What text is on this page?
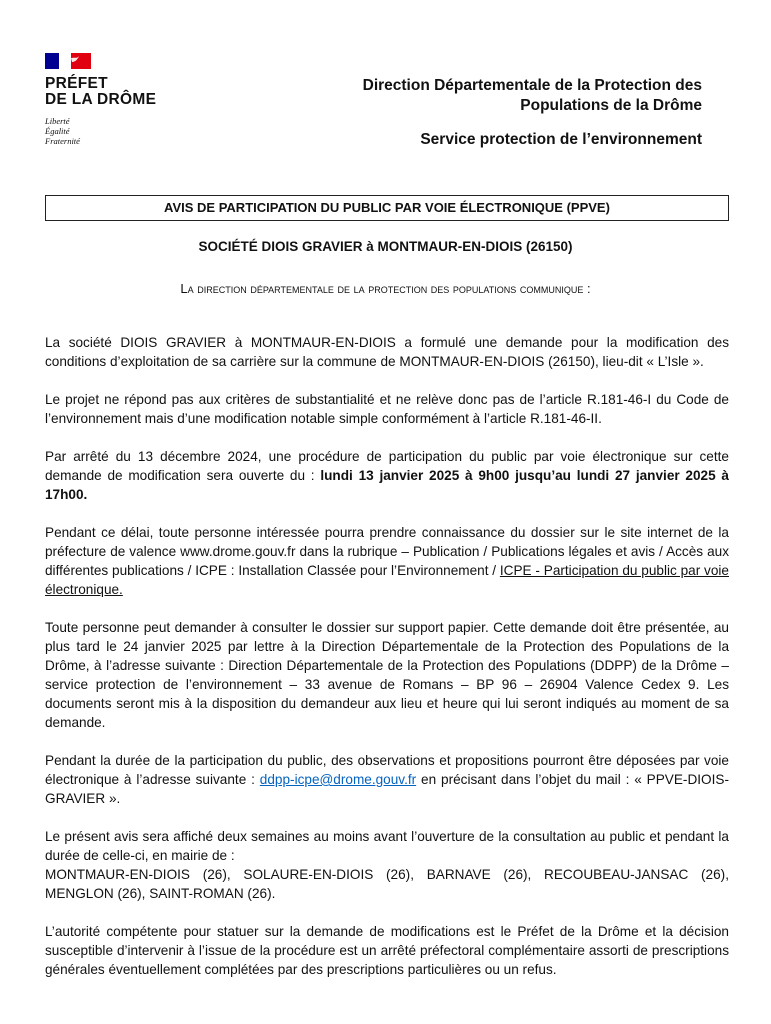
PRÉFET
DE LA DRÔME
Liberté
Égalité
Fraternité
Direction Départementale de la Protection des
Populations de la Drôme
Service protection de l’environnement
AVIS DE PARTICIPATION DU PUBLIC PAR VOIE ÉLECTRONIQUE (PPVE)
SOCIÉTÉ DIOIS GRAVIER à MONTMAUR-EN-DIOIS (26150)
La direction départementale de la protection des populations communique :

La société DIOIS GRAVIER à MONTMAUR-EN-DIOIS a formulé une demande pour la modification des conditions d’exploitation de sa carrière sur la commune de MONTMAUR-EN-DIOIS (26150), lieu-dit « L’Isle ».

Le projet ne répond pas aux critères de substantialité et ne relève donc pas de l’article R.181-46-I du Code de l’environnement mais d’une modification notable simple conformément à l’article R.181-46-II.

Par arrêté du 13 décembre 2024, une procédure de participation du public par voie électronique sur cette demande de modification sera ouverte du : lundi 13 janvier 2025 à 9h00 jusqu’au lundi 27 janvier 2025 à 17h00.

Pendant ce délai, toute personne intéressée pourra prendre connaissance du dossier sur le site internet de la préfecture de valence www.drome.gouv.fr dans la rubrique – Publication / Publications légales et avis / Accès aux différentes publications / ICPE : Installation Classée pour l’Environnement / ICPE - Participation du public par voie électronique.

Toute personne peut demander à consulter le dossier sur support papier. Cette demande doit être présentée, au plus tard le 24 janvier 2025 par lettre à la Direction Départementale de la Protection des Populations de la Drôme, à l’adresse suivante : Direction Départementale de la Protection des Populations (DDPP) de la Drôme – service protection de l’environnement – 33 avenue de Romans – BP 96 – 26904 Valence Cedex 9. Les documents seront mis à la disposition du demandeur aux lieu et heure qui lui seront indiqués au moment de sa demande.

Pendant la durée de la participation du public, des observations et propositions pourront être déposées par voie électronique à l’adresse suivante : ddpp-icpe@drome.gouv.fr en précisant dans l’objet du mail : « PPVE-DIOIS-GRAVIER ».

Le présent avis sera affiché deux semaines au moins avant l’ouverture de la consultation au public et pendant la durée de celle-ci, en mairie de :
MONTMAUR-EN-DIOIS (26), SOLAURE-EN-DIOIS (26), BARNAVE (26), RECOUBEAU-JANSAC (26), MENGLON (26), SAINT-ROMAN (26).

L’autorité compétente pour statuer sur la demande de modifications est le Préfet de la Drôme et la décision susceptible d’intervenir à l’issue de la procédure est un arrêté préfectoral complémentaire assorti de prescriptions générales éventuellement complétées par des prescriptions particulières ou un refus.
